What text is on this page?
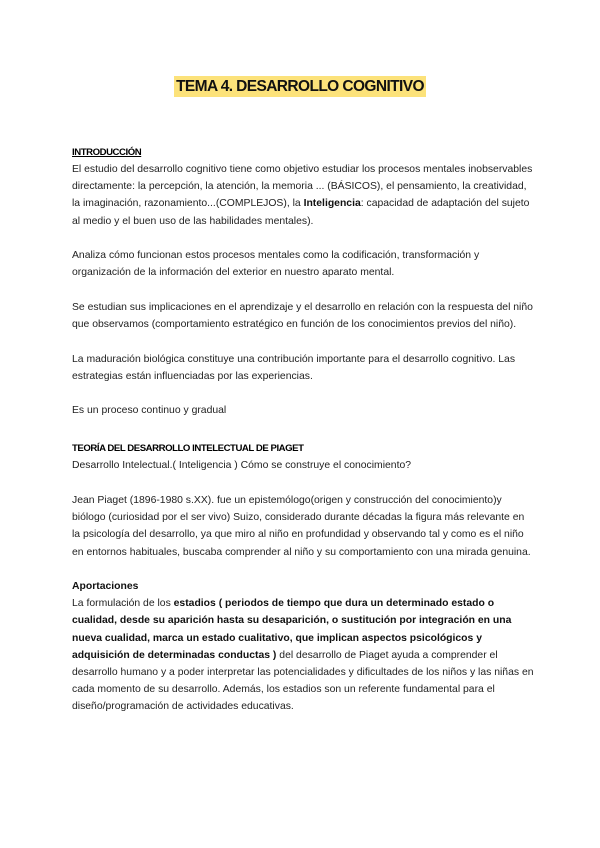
TEMA 4. DESARROLLO COGNITIVO
INTRODUCCIÓN

El estudio del desarrollo cognitivo tiene como objetivo estudiar los procesos mentales inobservables directamente: la percepción, la atención, la memoria ... (BÁSICOS), el pensamiento, la creatividad, la imaginación, razonamiento...(COMPLEJOS), la Inteligencia: capacidad de adaptación del sujeto al medio y el buen uso de las habilidades mentales).

Analiza cómo funcionan estos procesos mentales como la codificación, transformación y organización de la información del exterior en nuestro aparato mental.

Se estudian sus implicaciones en el aprendizaje y el desarrollo en relación con la respuesta del niño que observamos (comportamiento estratégico en función de los conocimientos previos del niño).

La maduración biológica constituye una contribución importante para el desarrollo cognitivo. Las estrategias están influenciadas por las experiencias.

Es un proceso continuo y gradual

TEORÍA DEL DESARROLLO INTELECTUAL DE PIAGET

Desarrollo Intelectual.( Inteligencia ) Cómo se construye el conocimiento?

Jean Piaget (1896-1980 s.XX). fue un epistemólogo(origen y construcción del conocimiento)y biólogo (curiosidad por el ser vivo) Suizo, considerado durante décadas la figura más relevante en la psicología del desarrollo, ya que miro al niño en profundidad y observando tal y como es el niño en entornos habituales, buscaba comprender al niño y su comportamiento con una mirada genuina.

Aportaciones

La formulación de los estadios ( periodos de tiempo que dura un determinado estado o cualidad, desde su aparición hasta su desaparición, o sustitución por integración en una nueva cualidad, marca un estado cualitativo, que implican aspectos psicológicos y adquisición de determinadas conductas ) del desarrollo de Piaget ayuda a comprender el desarrollo humano y a poder interpretar las potencialidades y dificultades de los niños y las niñas en cada momento de su desarrollo. Además, los estadios son un referente fundamental para el diseño/programación de actividades educativas.
